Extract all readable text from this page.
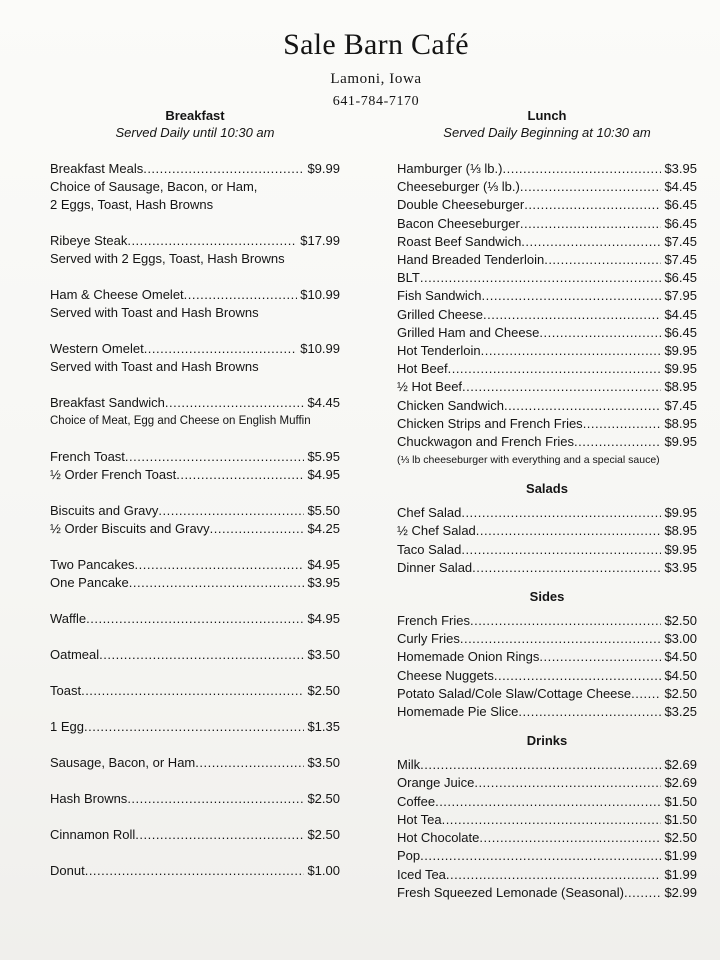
Sale Barn Café
Lamoni, Iowa
641-784-7170
Breakfast
Served Daily until 10:30 am
Breakfast Meals .....	$9.99
Choice of Sausage, Bacon, or Ham,
2 Eggs, Toast, Hash Browns
Ribeye Steak .....	$17.99
Served with 2 Eggs, Toast, Hash Browns
Ham & Cheese Omelet .....	$10.99
Served with Toast and Hash Browns
Western Omelet .....	$10.99
Served with Toast and Hash Browns
Breakfast Sandwich .....	$4.45
Choice of Meat, Egg and Cheese on English Muffin
French Toast .....	$5.95
½ Order French Toast .....	$4.95
Biscuits and Gravy .....	$5.50
½ Order Biscuits and Gravy .....	$4.25
Two Pancakes .....	$4.95
One Pancake .....	$3.95
Waffle .....	$4.95
Oatmeal .....	$3.50
Toast .....	$2.50
1 Egg .....	$1.35
Sausage, Bacon, or Ham .....	$3.50
Hash Browns .....	$2.50
Cinnamon Roll .....	$2.50
Donut .....	$1.00
Lunch
Served Daily Beginning at 10:30 am
Hamburger (⅓ lb.) .....	$3.95
Cheeseburger (⅓ lb.) .....	$4.45
Double Cheeseburger .....	$6.45
Bacon Cheeseburger .....	$6.45
Roast Beef Sandwich .....	$7.45
Hand Breaded Tenderloin .....	$7.45
BLT .....	$6.45
Fish Sandwich .....	$7.95
Grilled Cheese .....	$4.45
Grilled Ham and Cheese .....	$6.45
Hot Tenderloin .....	$9.95
Hot Beef .....	$9.95
½ Hot Beef .....	$8.95
Chicken Sandwich .....	$7.45
Chicken Strips and French Fries .....	$8.95
Chuckwagon and French Fries .....	$9.95
(⅓ lb cheeseburger with everything and a special sauce)
Salads
Chef Salad .....	$9.95
½ Chef Salad .....	$8.95
Taco Salad .....	$9.95
Dinner Salad .....	$3.95
Sides
French Fries .....	$2.50
Curly Fries .....	$3.00
Homemade Onion Rings .....	$4.50
Cheese Nuggets .....	$4.50
Potato Salad/Cole Slaw/Cottage Cheese .....	$2.50
Homemade Pie Slice .....	$3.25
Drinks
Milk .....	$2.69
Orange Juice .....	$2.69
Coffee .....	$1.50
Hot Tea .....	$1.50
Hot Chocolate .....	$2.50
Pop .....	$1.99
Iced Tea .....	$1.99
Fresh Squeezed Lemonade (Seasonal) .....	$2.99
